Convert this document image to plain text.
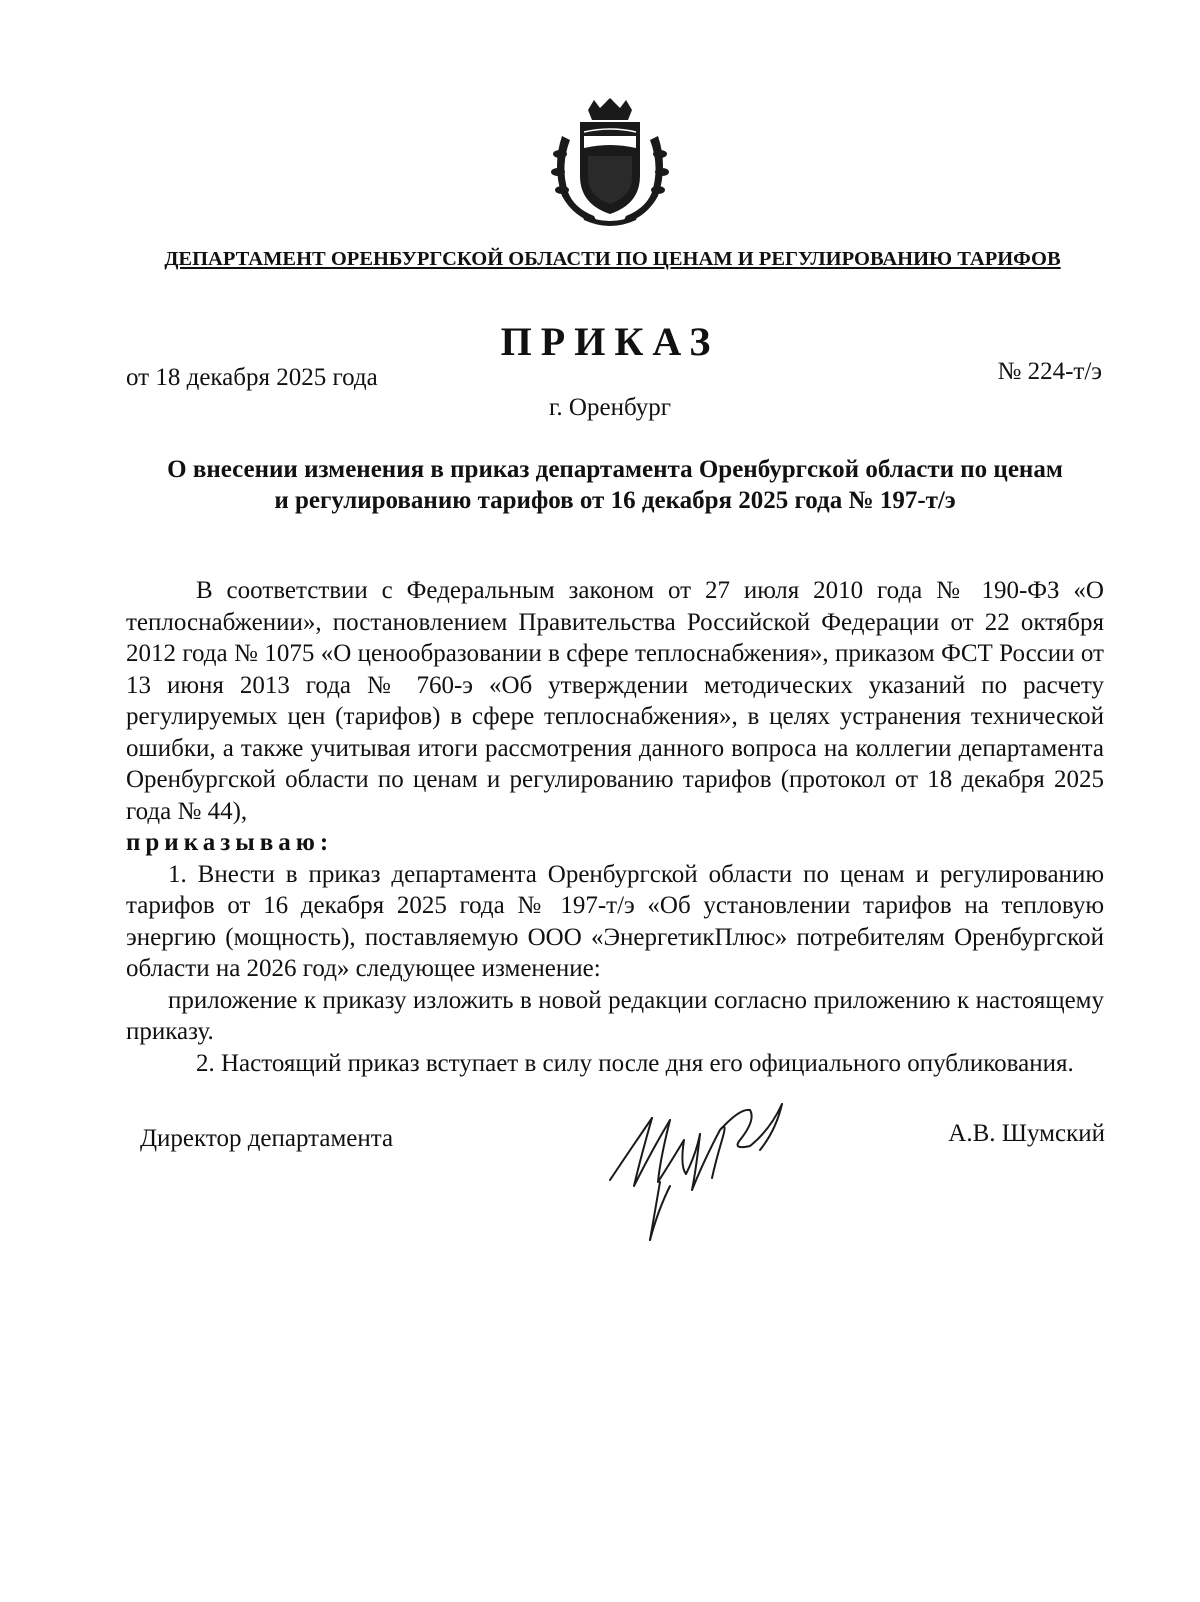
ДЕПАРТАМЕНТ ОРЕНБУРГСКОЙ ОБЛАСТИ ПО ЦЕНАМ И РЕГУЛИРОВАНИЮ ТАРИФОВ
ПРИКАЗ
от 18 декабря 2025 года	№ 224-т/э
г. Оренбург
О внесении изменения в приказ департамента Оренбургской области по ценам
и регулированию тарифов от 16 декабря 2025 года № 197-т/э

В соответствии с Федеральным законом от 27 июля 2010 года № 190-ФЗ «О теплоснабжении», постановлением Правительства Российской Федерации от 22 октября 2012 года № 1075 «О ценообразовании в сфере теплоснабжения», приказом ФСТ России от 13 июня 2013 года № 760-э «Об утверждении методических указаний по расчету регулируемых цен (тарифов) в сфере теплоснабжения», в целях устранения технической ошибки, а также учитывая итоги рассмотрения данного вопроса на коллегии департамента Оренбургской области по ценам и регулированию тарифов (протокол от 18 декабря 2025 года № 44),

приказываю:

1. Внести в приказ департамента Оренбургской области по ценам и регулированию тарифов от 16 декабря 2025 года № 197-т/э «Об установлении тарифов на тепловую энергию (мощность), поставляемую ООО «ЭнергетикПлюс» потребителям Оренбургской области на 2026 год» следующее изменение:

приложение к приказу изложить в новой редакции согласно приложению к настоящему приказу.

2. Настоящий приказ вступает в силу после дня его официального опубликования.

Директор департамента	А.В. Шумский
